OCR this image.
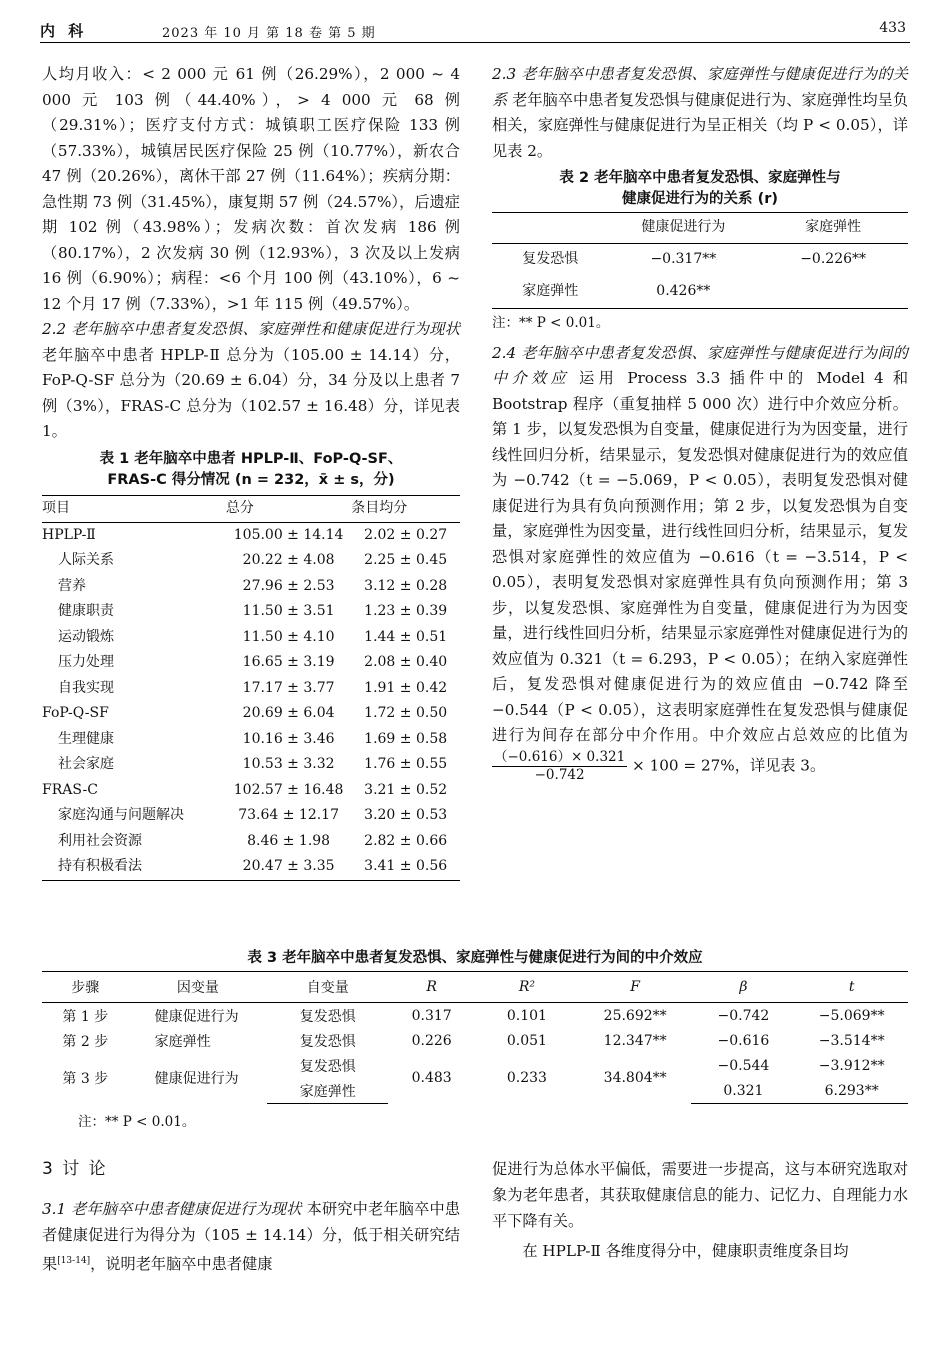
内 科	2023 年 10 月 第 18 卷 第 5 期	433

人均月收入：< 2 000 元 61 例（26.29%），2 000 ~ 4 000 元 103 例（44.40%），> 4 000 元 68 例（29.31%）；医疗支付方式：城镇职工医疗保险 133 例（57.33%），城镇居民医疗保险 25 例（10.77%），新农合 47 例（20.26%），离休干部 27 例（11.64%）；疾病分期：急性期 73 例（31.45%），康复期 57 例（24.57%），后遗症期 102 例（43.98%）；发病次数：首次发病 186 例（80.17%），2 次发病 30 例（12.93%），3 次及以上发病 16 例（6.90%）；病程：<6 个月 100 例（43.10%），6 ~ 12 个月 17 例（7.33%），>1 年 115 例（49.57%）。

2.2 老年脑卒中患者复发恐惧、家庭弹性和健康促进行为现状 老年脑卒中患者 HPLP-Ⅱ 总分为（105.00 ± 14.14）分，FoP-Q-SF 总分为（20.69 ± 6.04）分，34 分及以上患者 7 例（3%），FRAS-C 总分为（102.57 ± 16.48）分，详见表 1。

表 1 老年脑卒中患者 HPLP-Ⅱ、FoP-Q-SF、
FRAS-C 得分情况 (n = 232，x̄ ± s，分)
项目	总分	条目均分
HPLP-Ⅱ	105.00 ± 14.14	2.02 ± 0.27
人际关系	20.22 ± 4.08	2.25 ± 0.45
营养	27.96 ± 2.53	3.12 ± 0.28
健康职责	11.50 ± 3.51	1.23 ± 0.39
运动锻炼	11.50 ± 4.10	1.44 ± 0.51
压力处理	16.65 ± 3.19	2.08 ± 0.40
自我实现	17.17 ± 3.77	1.91 ± 0.42
FoP-Q-SF	20.69 ± 6.04	1.72 ± 0.50
生理健康	10.16 ± 3.46	1.69 ± 0.58
社会家庭	10.53 ± 3.32	1.76 ± 0.55
FRAS-C	102.57 ± 16.48	3.21 ± 0.52
家庭沟通与问题解决	73.64 ± 12.17	3.20 ± 0.53
利用社会资源	8.46 ± 1.98	2.82 ± 0.66
持有积极看法	20.47 ± 3.35	3.41 ± 0.56

2.3 老年脑卒中患者复发恐惧、家庭弹性与健康促进行为的关系 老年脑卒中患者复发恐惧与健康促进行为、家庭弹性均呈负相关，家庭弹性与健康促进行为呈正相关（均 P < 0.05），详见表 2。

表 2 老年脑卒中患者复发恐惧、家庭弹性与
健康促进行为的关系 (r)
	健康促进行为	家庭弹性
复发恐惧	−0.317**	−0.226**
家庭弹性	0.426**	
注：** P < 0.01。

2.4 老年脑卒中患者复发恐惧、家庭弹性与健康促进行为间的中介效应 运用 Process 3.3 插件中的 Model 4 和 Bootstrap 程序（重复抽样 5 000 次）进行中介效应分析。第 1 步，以复发恐惧为自变量，健康促进行为为因变量，进行线性回归分析，结果显示，复发恐惧对健康促进行为的效应值为 −0.742（t = −5.069，P < 0.05），表明复发恐惧对健康促进行为具有负向预测作用；第 2 步，以复发恐惧为自变量，家庭弹性为因变量，进行线性回归分析，结果显示，复发恐惧对家庭弹性的效应值为 −0.616（t = −3.514，P < 0.05），表明复发恐惧对家庭弹性具有负向预测作用；第 3 步，以复发恐惧、家庭弹性为自变量，健康促进行为为因变量，进行线性回归分析，结果显示家庭弹性对健康促进行为的效应值为 0.321（t = 6.293，P < 0.05）；在纳入家庭弹性后，复发恐惧对健康促进行为的效应值由 −0.742 降至 −0.544（P < 0.05），这表明家庭弹性在复发恐惧与健康促进行为间存在部分中介作用。中介效应占总效应的比值为
$\frac{(-0.616)\times 0.321}{-0.742} \times 100 = 27\%$，详见表 3。

表 3 老年脑卒中患者复发恐惧、家庭弹性与健康促进行为间的中介效应
步骤	因变量	自变量	R	R²	F	β	t
第 1 步	健康促进行为	复发恐惧	0.317	0.101	25.692**	−0.742	−5.069**
第 2 步	家庭弹性	复发恐惧	0.226	0.051	12.347**	−0.616	−3.514**
第 3 步	健康促进行为	复发恐惧	0.483	0.233	34.804**	−0.544	−3.912**
		家庭弹性				0.321	6.293**
注：** P < 0.01。
3 讨 论

3.1 老年脑卒中患者健康促进行为现状 本研究中老年脑卒中患者健康促进行为得分为（105 ± 14.14）分，低于相关研究结果[13-14]，说明老年脑卒中患者健康

促进行为总体水平偏低，需要进一步提高，这与本研究选取对象为老年患者，其获取健康信息的能力、记忆力、自理能力水平下降有关。

在 HPLP-Ⅱ 各维度得分中，健康职责维度条目均
